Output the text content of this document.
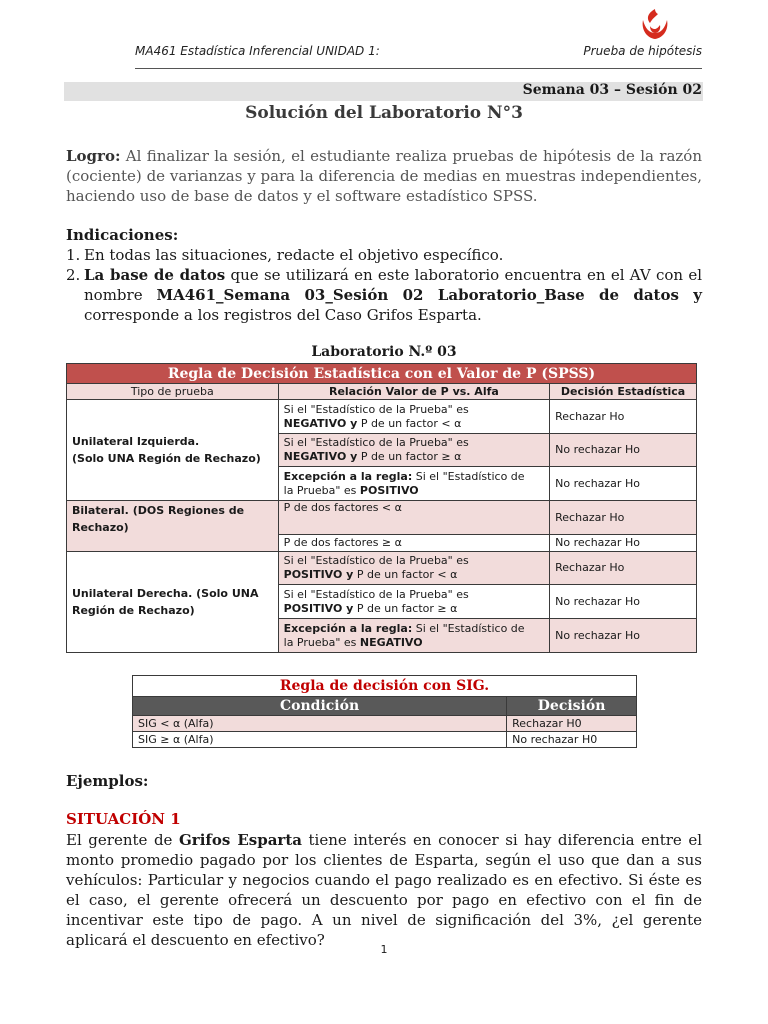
MA461 Estadística Inferencial UNIDAD 1:	Prueba de hipótesis
Semana 03 – Sesión 02
Solución del Laboratorio N°3
Logro: Al finalizar la sesión, el estudiante realiza pruebas de hipótesis de la razón (cociente) de varianzas y para la diferencia de medias en muestras independientes, haciendo uso de base de datos y el software estadístico SPSS.
Indicaciones:
1. En todas las situaciones, redacte el objetivo específico.
2. La base de datos que se utilizará en este laboratorio encuentra en el AV con el nombre MA461_Semana 03_Sesión 02 Laboratorio_Base de datos y corresponde a los registros del Caso Grifos Esparta.
Laboratorio N.º 03
Regla de Decisión Estadística con el Valor de P (SPSS)		
Tipo de prueba	Relación Valor de P vs. Alfa	Decisión Estadística
Unilateral Izquierda.
(Solo UNA Región de Rechazo)	Si el "Estadístico de la Prueba" es
NEGATIVO y P de un factor < α	Rechazar Ho
	Si el "Estadístico de la Prueba" es
NEGATIVO y P de un factor ≥ α	No rechazar Ho
	Excepción a la regla: Si el "Estadístico de
la Prueba" es POSITIVO	No rechazar Ho
Bilateral. (DOS Regiones de Rechazo)	P de dos factores < α	Rechazar Ho
	P de dos factores ≥ α	No rechazar Ho
Unilateral Derecha. (Solo UNA Región de Rechazo)	Si el "Estadístico de la Prueba" es
POSITIVO y P de un factor < α	Rechazar Ho
	Si el "Estadístico de la Prueba" es
POSITIVO y P de un factor ≥ α	No rechazar Ho
	Excepción a la regla: Si el "Estadístico de
la Prueba" es NEGATIVO	No rechazar Ho
Regla de decisión con SIG.	
Condición	Decisión
SIG < α (Alfa)	Rechazar H0
SIG ≥ α (Alfa)	No rechazar H0
Ejemplos:
SITUACIÓN 1
El gerente de Grifos Esparta tiene interés en conocer si hay diferencia entre el monto promedio pagado por los clientes de Esparta, según el uso que dan a sus vehículos: Particular y negocios cuando el pago realizado es en efectivo. Si éste es el caso, el gerente ofrecerá un descuento por pago en efectivo con el fin de incentivar este tipo de pago. A un nivel de significación del 3%, ¿el gerente aplicará el descuento en efectivo?
1
